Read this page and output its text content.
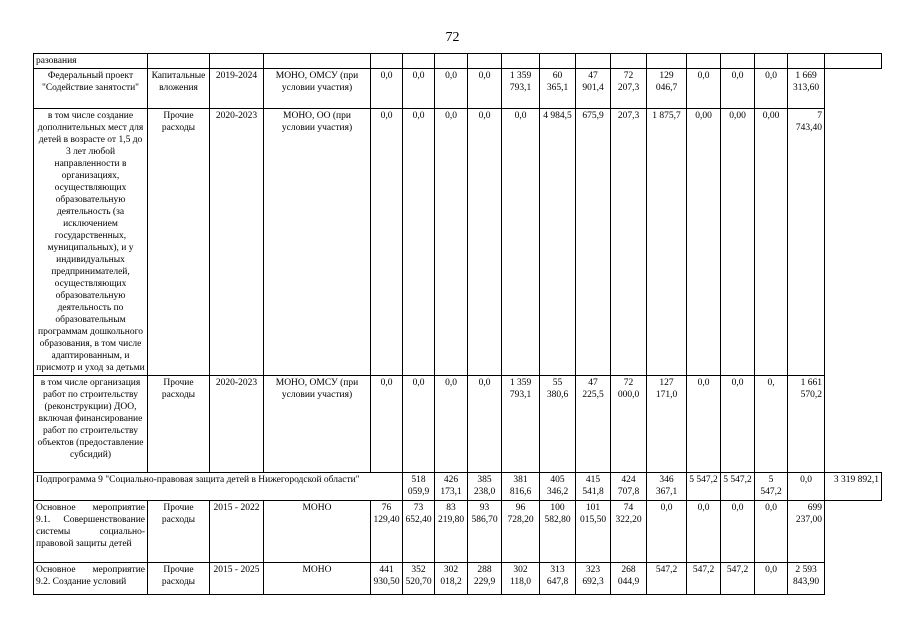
72
разования																	
Федеральный проект "Содействие занятости"	Капитальные вложения	2019-2024	МОНО, ОМСУ (при условии участия)	0,0	0,0	0,0	0,0	1 359 793,1	60 365,1	47 901,4	72 207,3	129 046,7	0,0	0,0	0,0	1 669 313,60	
в том числе создание дополнительных мест для детей в возрасте от 1,5 до 3 лет любой направленности в организациях, осуществляющих образовательную деятельность (за исключением государственных, муниципальных), и у индивидуальных предпринимателей, осуществляющих образовательную деятельность по образовательным программам дошкольного образования, в том числе адаптированным, и присмотр и уход за детьми	Прочие расходы	2020-2023	МОНО, ОО (при условии участия)	0,0	0,0	0,0	0,0	0,0	4 984,5	675,9	207,3	1 875,7	0,00	0,00	0,00	7 743,40	
в том числе организация работ по строительству (реконструкции) ДОО, включая финансирование работ по строительству объектов (предоставление субсидий)	Прочие расходы	2020-2023	МОНО, ОМСУ (при условии участия)	0,0	0,0	0,0	0,0	1 359 793,1	55 380,6	47 225,5	72 000,0	127 171,0	0,0	0,0	0,	1 661 570,2	
Подпрограмма 9 "Социально-правовая защита детей в Нижегородской области"					518 059,9	426 173,1	385 238,0	381 816,6	405 346,2	415 541,8	424 707,8	346 367,1	5 547,2	5 547,2	5 547,2	0,0	3 319 892,1
Основное мероприятие 9.1. Совершенствование системы социально-правовой защиты детей	Прочие расходы	2015 - 2022	МОНО	76 129,40	73 652,40	83 219,80	93 586,70	96 728,20	100 582,80	101 015,50	74 322,20	0,0	0,0	0,0	0,0	699 237,00	
Основное мероприятие 9.2. Создание условий	Прочие расходы	2015 - 2025	МОНО	441 930,50	352 520,70	302 018,2	288 229,9	302 118,0	313 647,8	323 692,3	268 044,9	547,2	547,2	547,2	0,0	2 593 843,90	
